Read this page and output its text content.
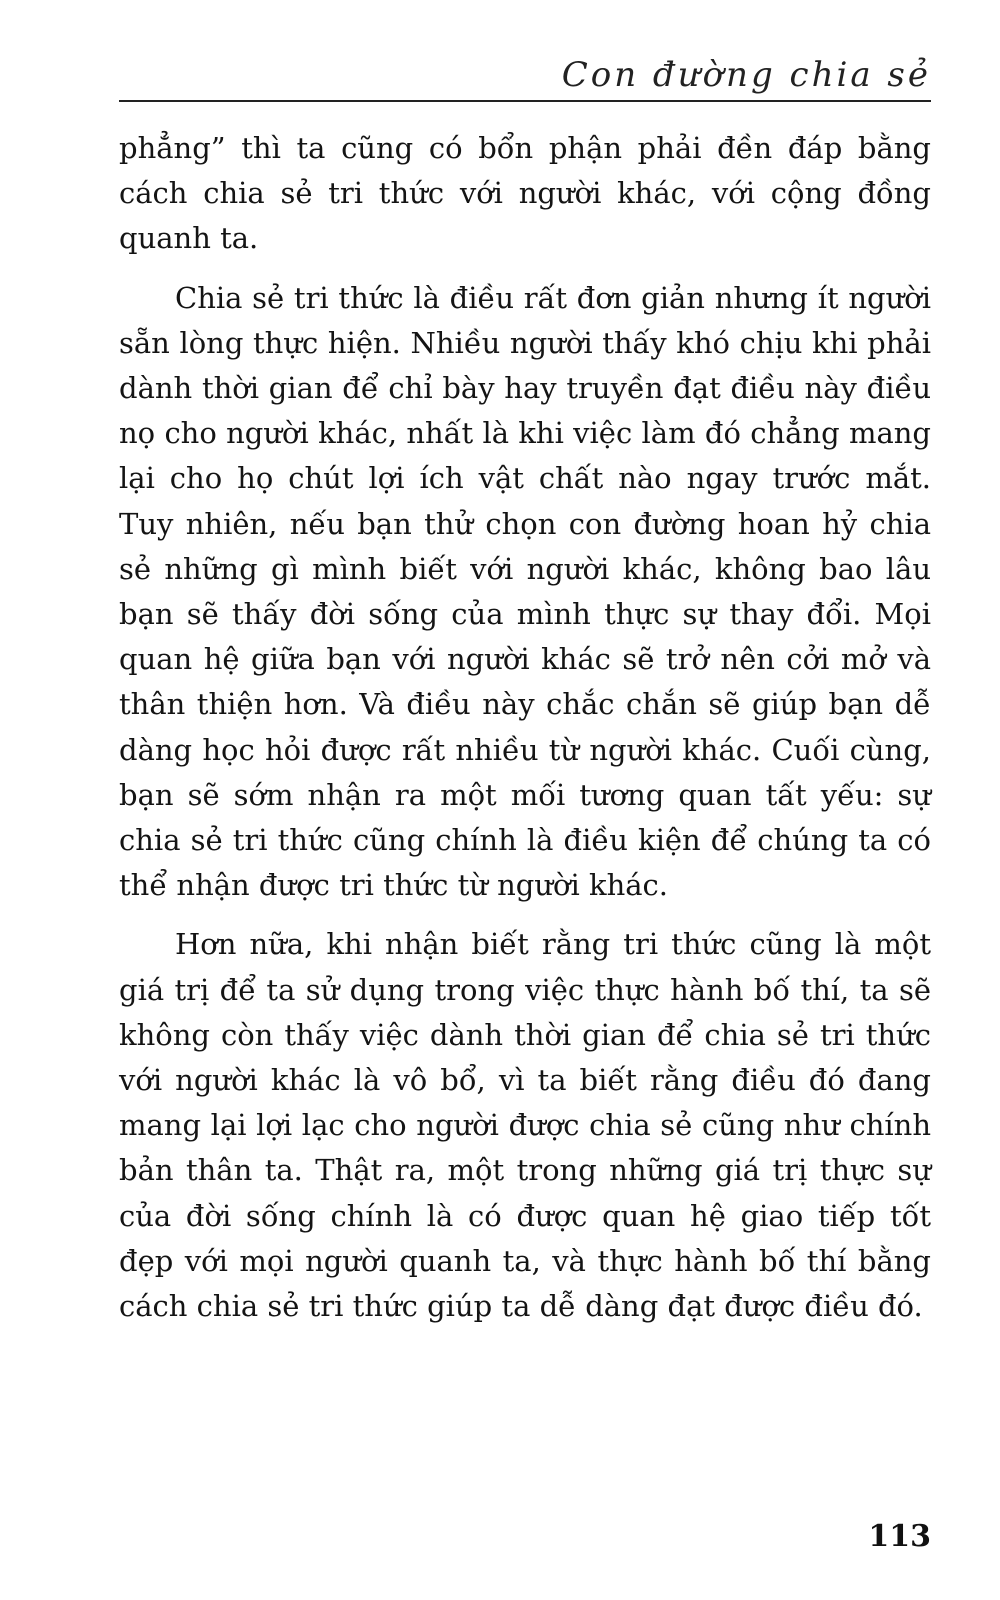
Con đường chia sẻ

phẳng” thì ta cũng có bổn phận phải đền đáp bằng cách chia sẻ tri thức với người khác, với cộng đồng quanh ta.

Chia sẻ tri thức là điều rất đơn giản nhưng ít người sẵn lòng thực hiện. Nhiều người thấy khó chịu khi phải dành thời gian để chỉ bày hay truyền đạt điều này điều nọ cho người khác, nhất là khi việc làm đó chẳng mang lại cho họ chút lợi ích vật chất nào ngay trước mắt. Tuy nhiên, nếu bạn thử chọn con đường hoan hỷ chia sẻ những gì mình biết với người khác, không bao lâu bạn sẽ thấy đời sống của mình thực sự thay đổi. Mọi quan hệ giữa bạn với người khác sẽ trở nên cởi mở và thân thiện hơn. Và điều này chắc chắn sẽ giúp bạn dễ dàng học hỏi được rất nhiều từ người khác. Cuối cùng, bạn sẽ sớm nhận ra một mối tương quan tất yếu: sự chia sẻ tri thức cũng chính là điều kiện để chúng ta có thể nhận được tri thức từ người khác.

Hơn nữa, khi nhận biết rằng tri thức cũng là một giá trị để ta sử dụng trong việc thực hành bố thí, ta sẽ không còn thấy việc dành thời gian để chia sẻ tri thức với người khác là vô bổ, vì ta biết rằng điều đó đang mang lại lợi lạc cho người được chia sẻ cũng như chính bản thân ta. Thật ra, một trong những giá trị thực sự của đời sống chính là có được quan hệ giao tiếp tốt đẹp với mọi người quanh ta, và thực hành bố thí bằng cách chia sẻ tri thức giúp ta dễ dàng đạt được điều đó.

113
